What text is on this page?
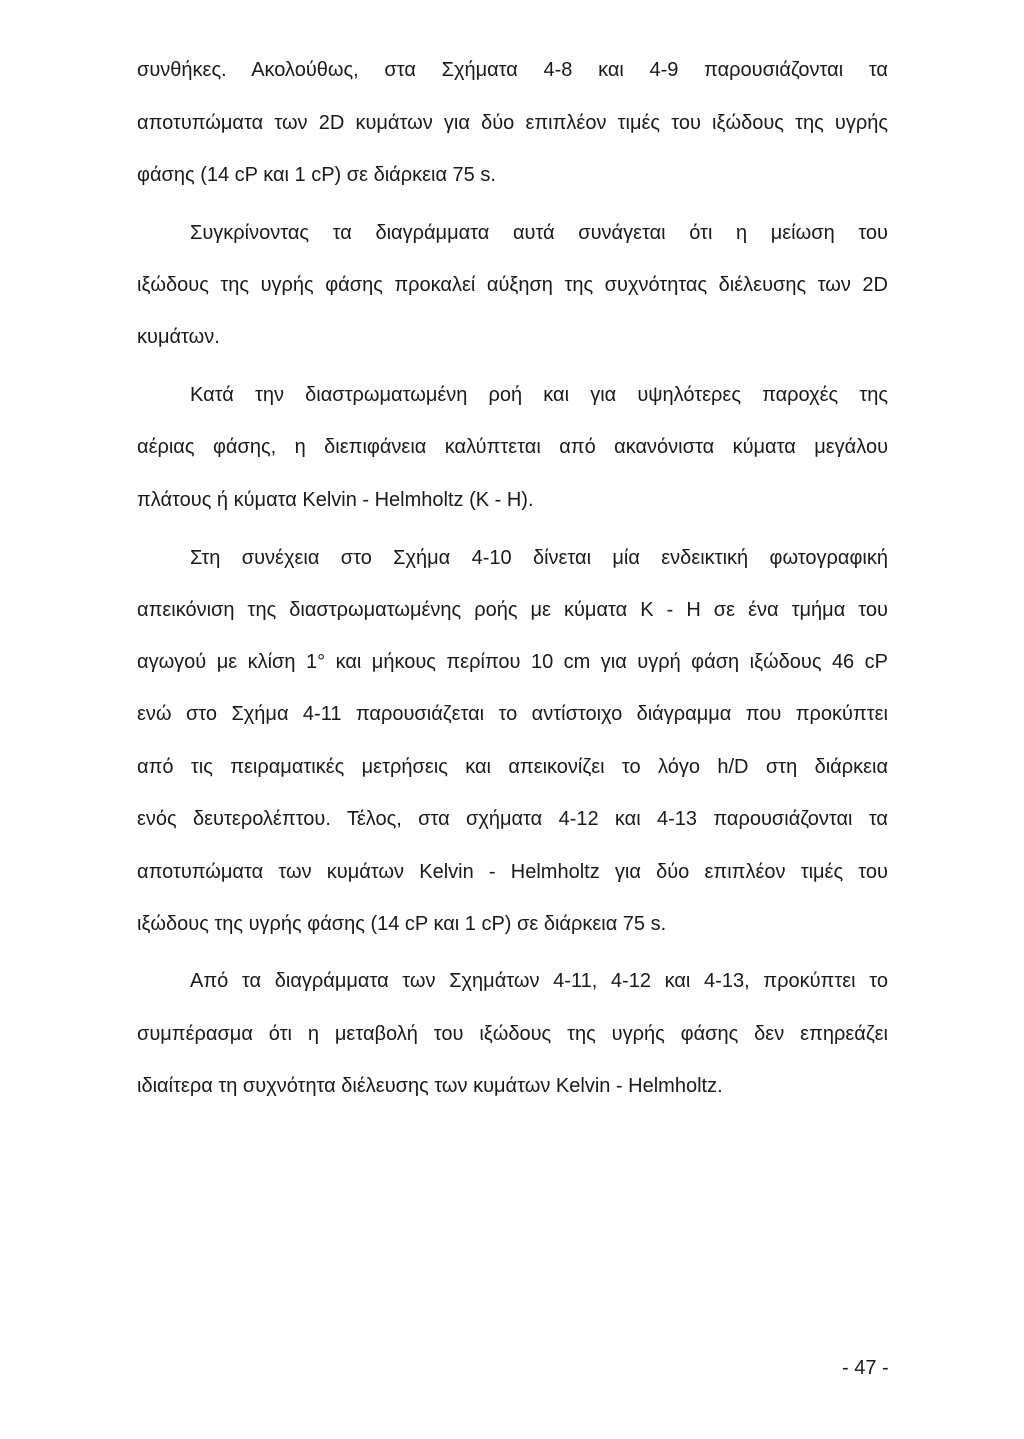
συνθήκες. Ακολούθως, στα Σχήματα 4-8 και 4-9 παρουσιάζονται τα
αποτυπώματα των 2D κυμάτων για δύο επιπλέον τιμές του ιξώδους της υγρής
φάσης (14 cP και 1 cP) σε διάρκεια 75 s.
Συγκρίνοντας τα διαγράμματα αυτά συνάγεται ότι η μείωση του
ιξώδους της υγρής φάσης προκαλεί αύξηση της συχνότητας διέλευσης των 2D
κυμάτων.
Κατά την διαστρωματωμένη ροή και για υψηλότερες παροχές της
αέριας φάσης, η διεπιφάνεια καλύπτεται από ακανόνιστα κύματα μεγάλου
πλάτους ή κύματα Kelvin - Helmholtz (K - H).
Στη συνέχεια στο Σχήμα 4-10 δίνεται μία ενδεικτική φωτογραφική
απεικόνιση της διαστρωματωμένης ροής με κύματα K - H σε ένα τμήμα του
αγωγού με κλίση 1° και μήκους περίπου 10 cm για υγρή φάση ιξώδους 46 cP
ενώ στο Σχήμα 4-11 παρουσιάζεται το αντίστοιχο διάγραμμα που προκύπτει
από τις πειραματικές μετρήσεις και απεικονίζει το λόγο h/D στη διάρκεια
ενός δευτερολέπτου. Τέλος, στα σχήματα 4-12 και 4-13 παρουσιάζονται τα
αποτυπώματα των κυμάτων Kelvin - Helmholtz για δύο επιπλέον τιμές του
ιξώδους της υγρής φάσης (14 cP και 1 cP) σε διάρκεια 75 s.
Από τα διαγράμματα των Σχημάτων 4-11, 4-12 και 4-13, προκύπτει το
συμπέρασμα ότι η μεταβολή του ιξώδους της υγρής φάσης δεν επηρεάζει
ιδιαίτερα τη συχνότητα διέλευσης των κυμάτων Kelvin - Helmholtz.
- 47 -
